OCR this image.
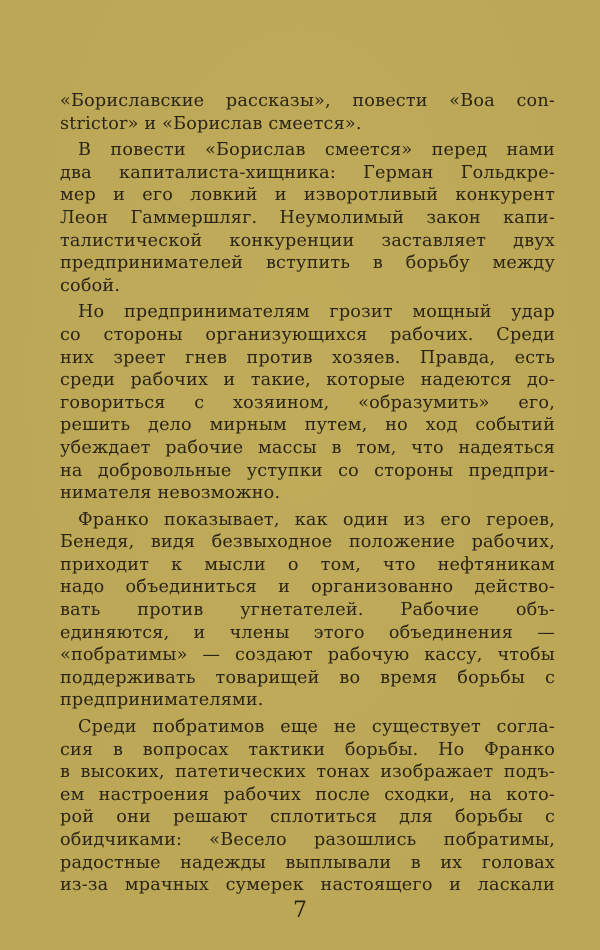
«Бориславские рассказы», повести «Boa con-
strictor» и «Борислав смеется».
В повести «Борислав смеется» перед нами
два капиталиста-хищника: Герман Гольдкре-
мер и его ловкий и изворотливый конкурент
Леон Гаммершляг. Неумолимый закон капи-
талистической конкуренции заставляет двух
предпринимателей вступить в борьбу между
собой.
Но предпринимателям грозит мощный удар
со стороны организующихся рабочих. Среди
них зреет гнев против хозяев. Правда, есть
среди рабочих и такие, которые надеются до-
говориться с хозяином, «образумить» его,
решить дело мирным путем, но ход событий
убеждает рабочие массы в том, что надеяться
на добровольные уступки со стороны предпри-
нимателя невозможно.
Франко показывает, как один из его героев,
Бенедя, видя безвыходное положение рабочих,
приходит к мысли о том, что нефтяникам
надо объединиться и организованно действо-
вать против угнетателей. Рабочие объ-
единяются, и члены этого объединения —
«побратимы» — создают рабочую кассу, чтобы
поддерживать товарищей во время борьбы с
предпринимателями.
Среди побратимов еще не существует согла-
сия в вопросах тактики борьбы. Но Франко
в высоких, патетических тонах изображает подъ-
ем настроения рабочих после сходки, на кото-
рой они решают сплотиться для борьбы с
обидчиками: «Весело разошлись побратимы,
радостные надежды выплывали в их головах
из-за мрачных сумерек настоящего и ласкали
7
